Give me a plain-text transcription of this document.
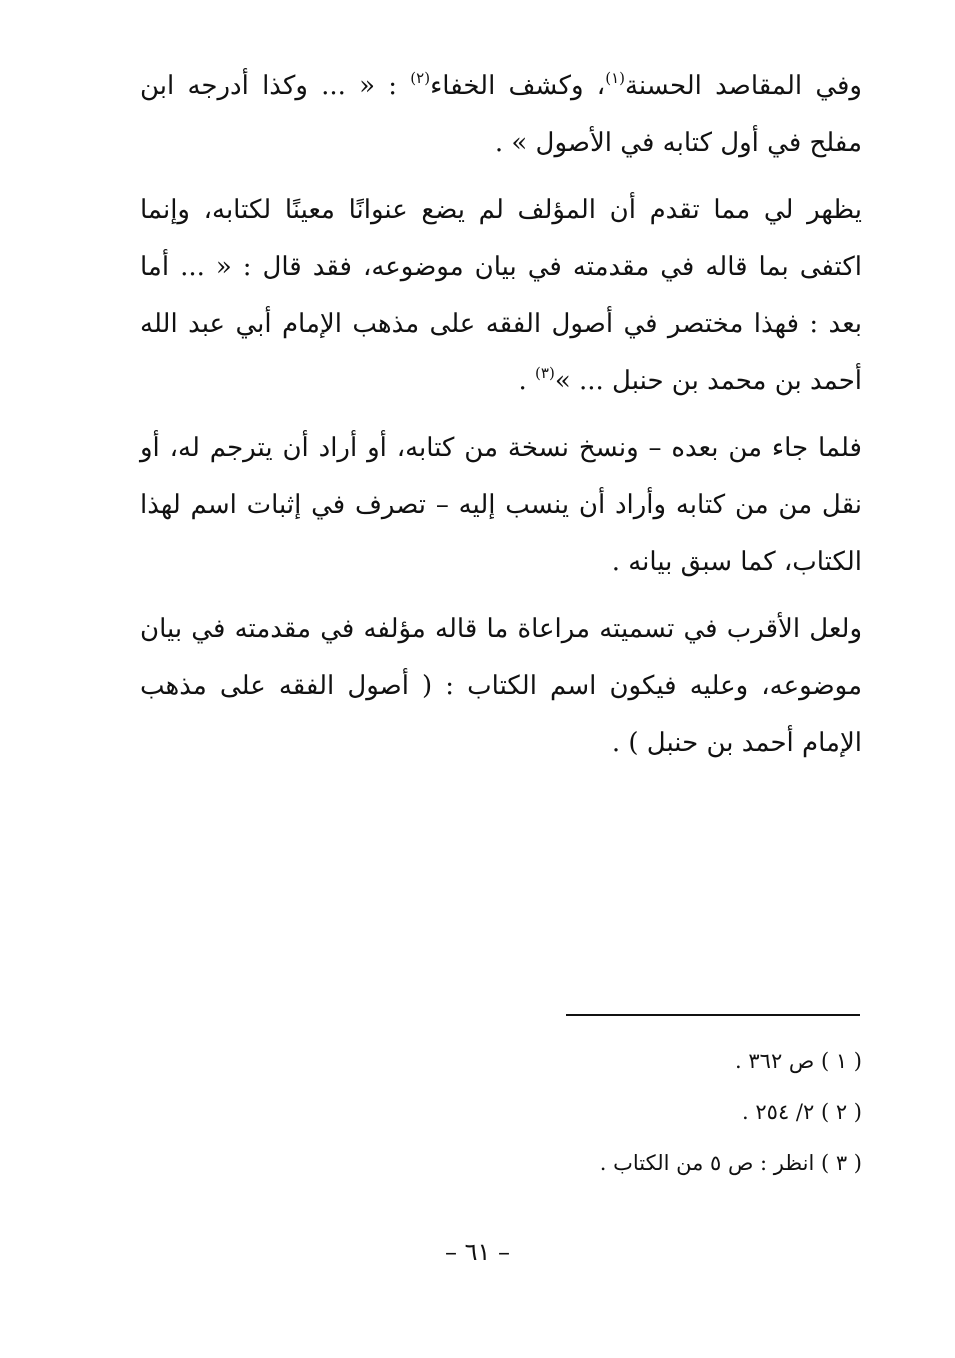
وفي المقاصد الحسنة$^{(١)}$، وكشف الخفاء$^{(٢)}$ : « ... وكذا أدرجه ابن مفلح في أول كتابه في الأصول » .

يظهر لي مما تقدم أن المؤلف لم يضع عنوانًا معينًا لكتابه، وإنما اكتفى بما قاله في مقدمته في بيان موضوعه، فقد قال : « ... أما بعد : فهذا مختصر في أصول الفقه على مذهب الإمام أبي عبد الله أحمد بن محمد بن حنبل ... »$^{(٣)}$ .

فلما جاء من بعده – ونسخ نسخة من كتابه، أو أراد أن يترجم له، أو نقل من من كتابه وأراد أن ينسب إليه – تصرف في إثبات اسم لهذا الكتاب، كما سبق بيانه .

ولعل الأقرب في تسميته مراعاة ما قاله مؤلفه في مقدمته في بيان موضوعه، وعليه فيكون اسم الكتاب : ( أصول الفقه على مذهب الإمام أحمد بن حنبل ) .

( ١ ) ص ٣٦٢ .
( ٢ ) ٢/ ٢٥٤ .
( ٣ ) انظر : ص ٥ من الكتاب .
– ٦١ –
